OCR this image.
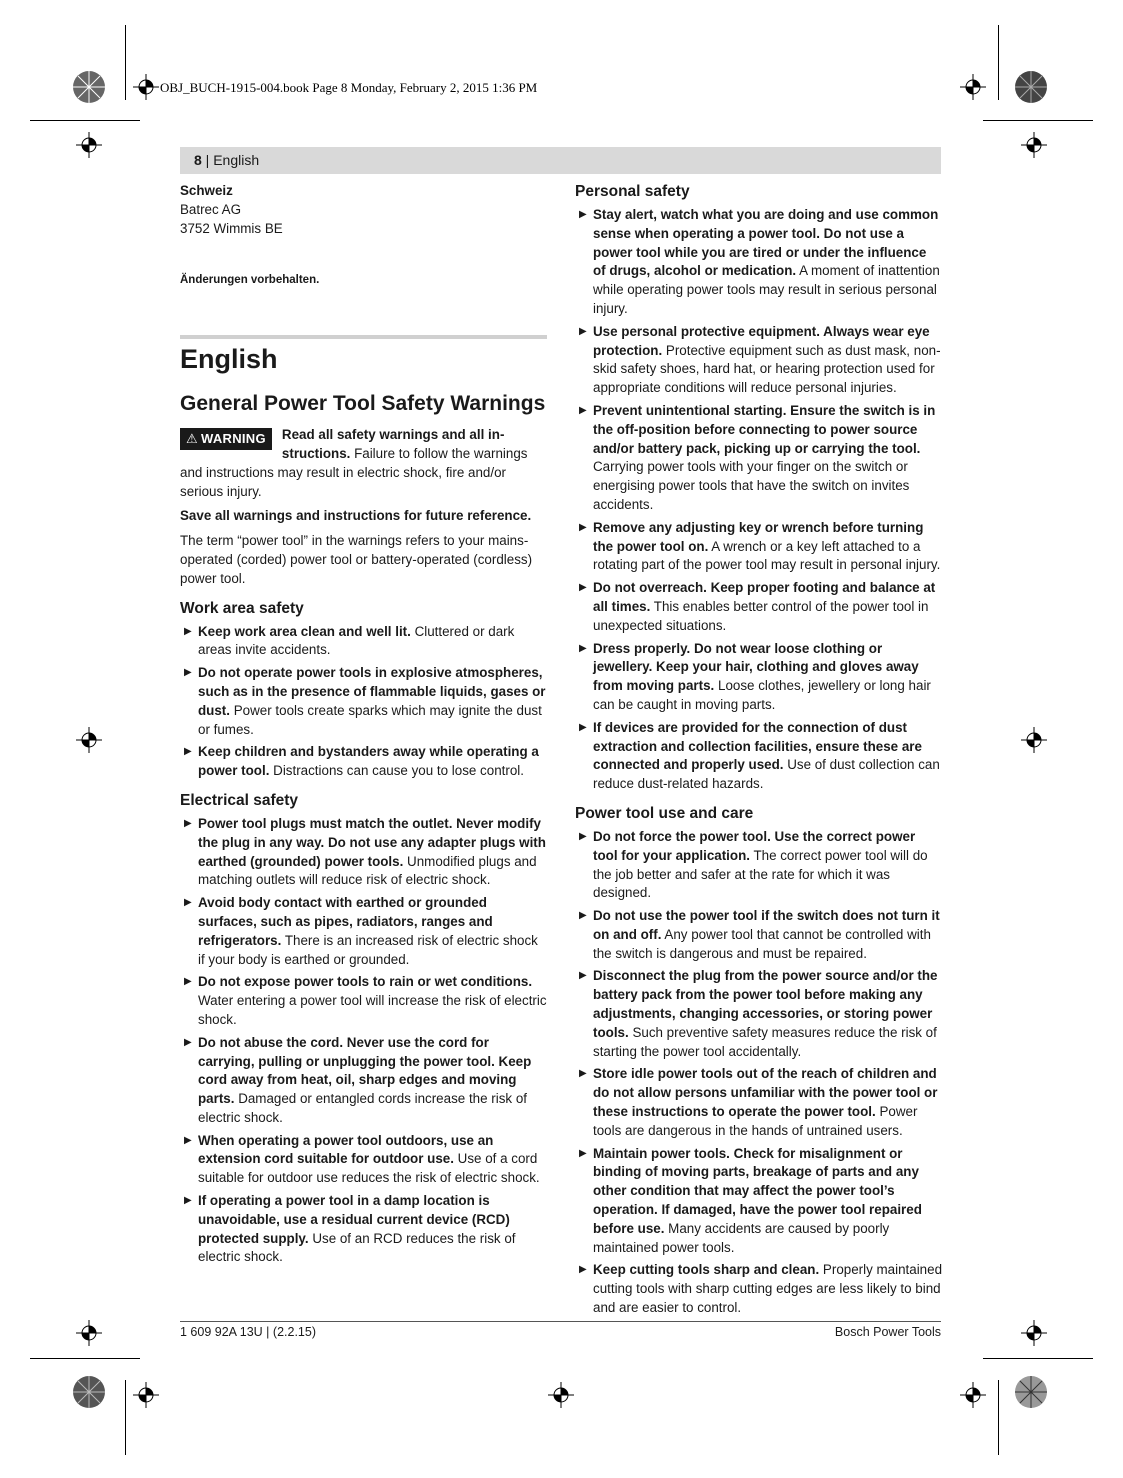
OBJ_BUCH-1915-004.book Page 8 Monday, February 2, 2015 1:36 PM
8 | English

Schweiz

Batrec AG

3752 Wimmis BE

Änderungen vorbehalten.
English
General Power Tool Safety Warnings
⚠ WARNING	Read all safety warnings and all in-structions. Failure to follow the warnings and instructions may result in electric shock, fire and/or serious injury.

Save all warnings and instructions for future reference.

The term “power tool” in the warnings refers to your mains-operated (corded) power tool or battery-operated (cordless) power tool.

Work area safety
▶ Keep work area clean and well lit. Cluttered or dark areas invite accidents.
▶ Do not operate power tools in explosive atmospheres, such as in the presence of flammable liquids, gases or dust. Power tools create sparks which may ignite the dust or fumes.
▶ Keep children and bystanders away while operating a power tool. Distractions can cause you to lose control.
Electrical safety
▶ Power tool plugs must match the outlet. Never modify the plug in any way. Do not use any adapter plugs with earthed (grounded) power tools. Unmodified plugs and matching outlets will reduce risk of electric shock.
▶ Avoid body contact with earthed or grounded surfaces, such as pipes, radiators, ranges and refrigerators. There is an increased risk of electric shock if your body is earthed or grounded.
▶ Do not expose power tools to rain or wet conditions. Water entering a power tool will increase the risk of electric shock.
▶ Do not abuse the cord. Never use the cord for carrying, pulling or unplugging the power tool. Keep cord away from heat, oil, sharp edges and moving parts. Damaged or entangled cords increase the risk of electric shock.
▶ When operating a power tool outdoors, use an extension cord suitable for outdoor use. Use of a cord suitable for outdoor use reduces the risk of electric shock.
▶ If operating a power tool in a damp location is unavoidable, use a residual current device (RCD) protected supply. Use of an RCD reduces the risk of electric shock.
Personal safety
▶ Stay alert, watch what you are doing and use common sense when operating a power tool. Do not use a power tool while you are tired or under the influence of drugs, alcohol or medication. A moment of inattention while operating power tools may result in serious personal injury.
▶ Use personal protective equipment. Always wear eye protection. Protective equipment such as dust mask, non-skid safety shoes, hard hat, or hearing protection used for appropriate conditions will reduce personal injuries.
▶ Prevent unintentional starting. Ensure the switch is in the off-position before connecting to power source and/or battery pack, picking up or carrying the tool. Carrying power tools with your finger on the switch or energising power tools that have the switch on invites accidents.
▶ Remove any adjusting key or wrench before turning the power tool on. A wrench or a key left attached to a rotating part of the power tool may result in personal injury.
▶ Do not overreach. Keep proper footing and balance at all times. This enables better control of the power tool in unexpected situations.
▶ Dress properly. Do not wear loose clothing or jewellery. Keep your hair, clothing and gloves away from moving parts. Loose clothes, jewellery or long hair can be caught in moving parts.
▶ If devices are provided for the connection of dust extraction and collection facilities, ensure these are connected and properly used. Use of dust collection can reduce dust-related hazards.
Power tool use and care
▶ Do not force the power tool. Use the correct power tool for your application. The correct power tool will do the job better and safer at the rate for which it was designed.
▶ Do not use the power tool if the switch does not turn it on and off. Any power tool that cannot be controlled with the switch is dangerous and must be repaired.
▶ Disconnect the plug from the power source and/or the battery pack from the power tool before making any adjustments, changing accessories, or storing power tools. Such preventive safety measures reduce the risk of starting the power tool accidentally.
▶ Store idle power tools out of the reach of children and do not allow persons unfamiliar with the power tool or these instructions to operate the power tool. Power tools are dangerous in the hands of untrained users.
▶ Maintain power tools. Check for misalignment or binding of moving parts, breakage of parts and any other condition that may affect the power tool’s operation. If damaged, have the power tool repaired before use. Many accidents are caused by poorly maintained power tools.
▶ Keep cutting tools sharp and clean. Properly maintained cutting tools with sharp cutting edges are less likely to bind and are easier to control.
1 609 92A 13U | (2.2.15)	Bosch Power Tools
